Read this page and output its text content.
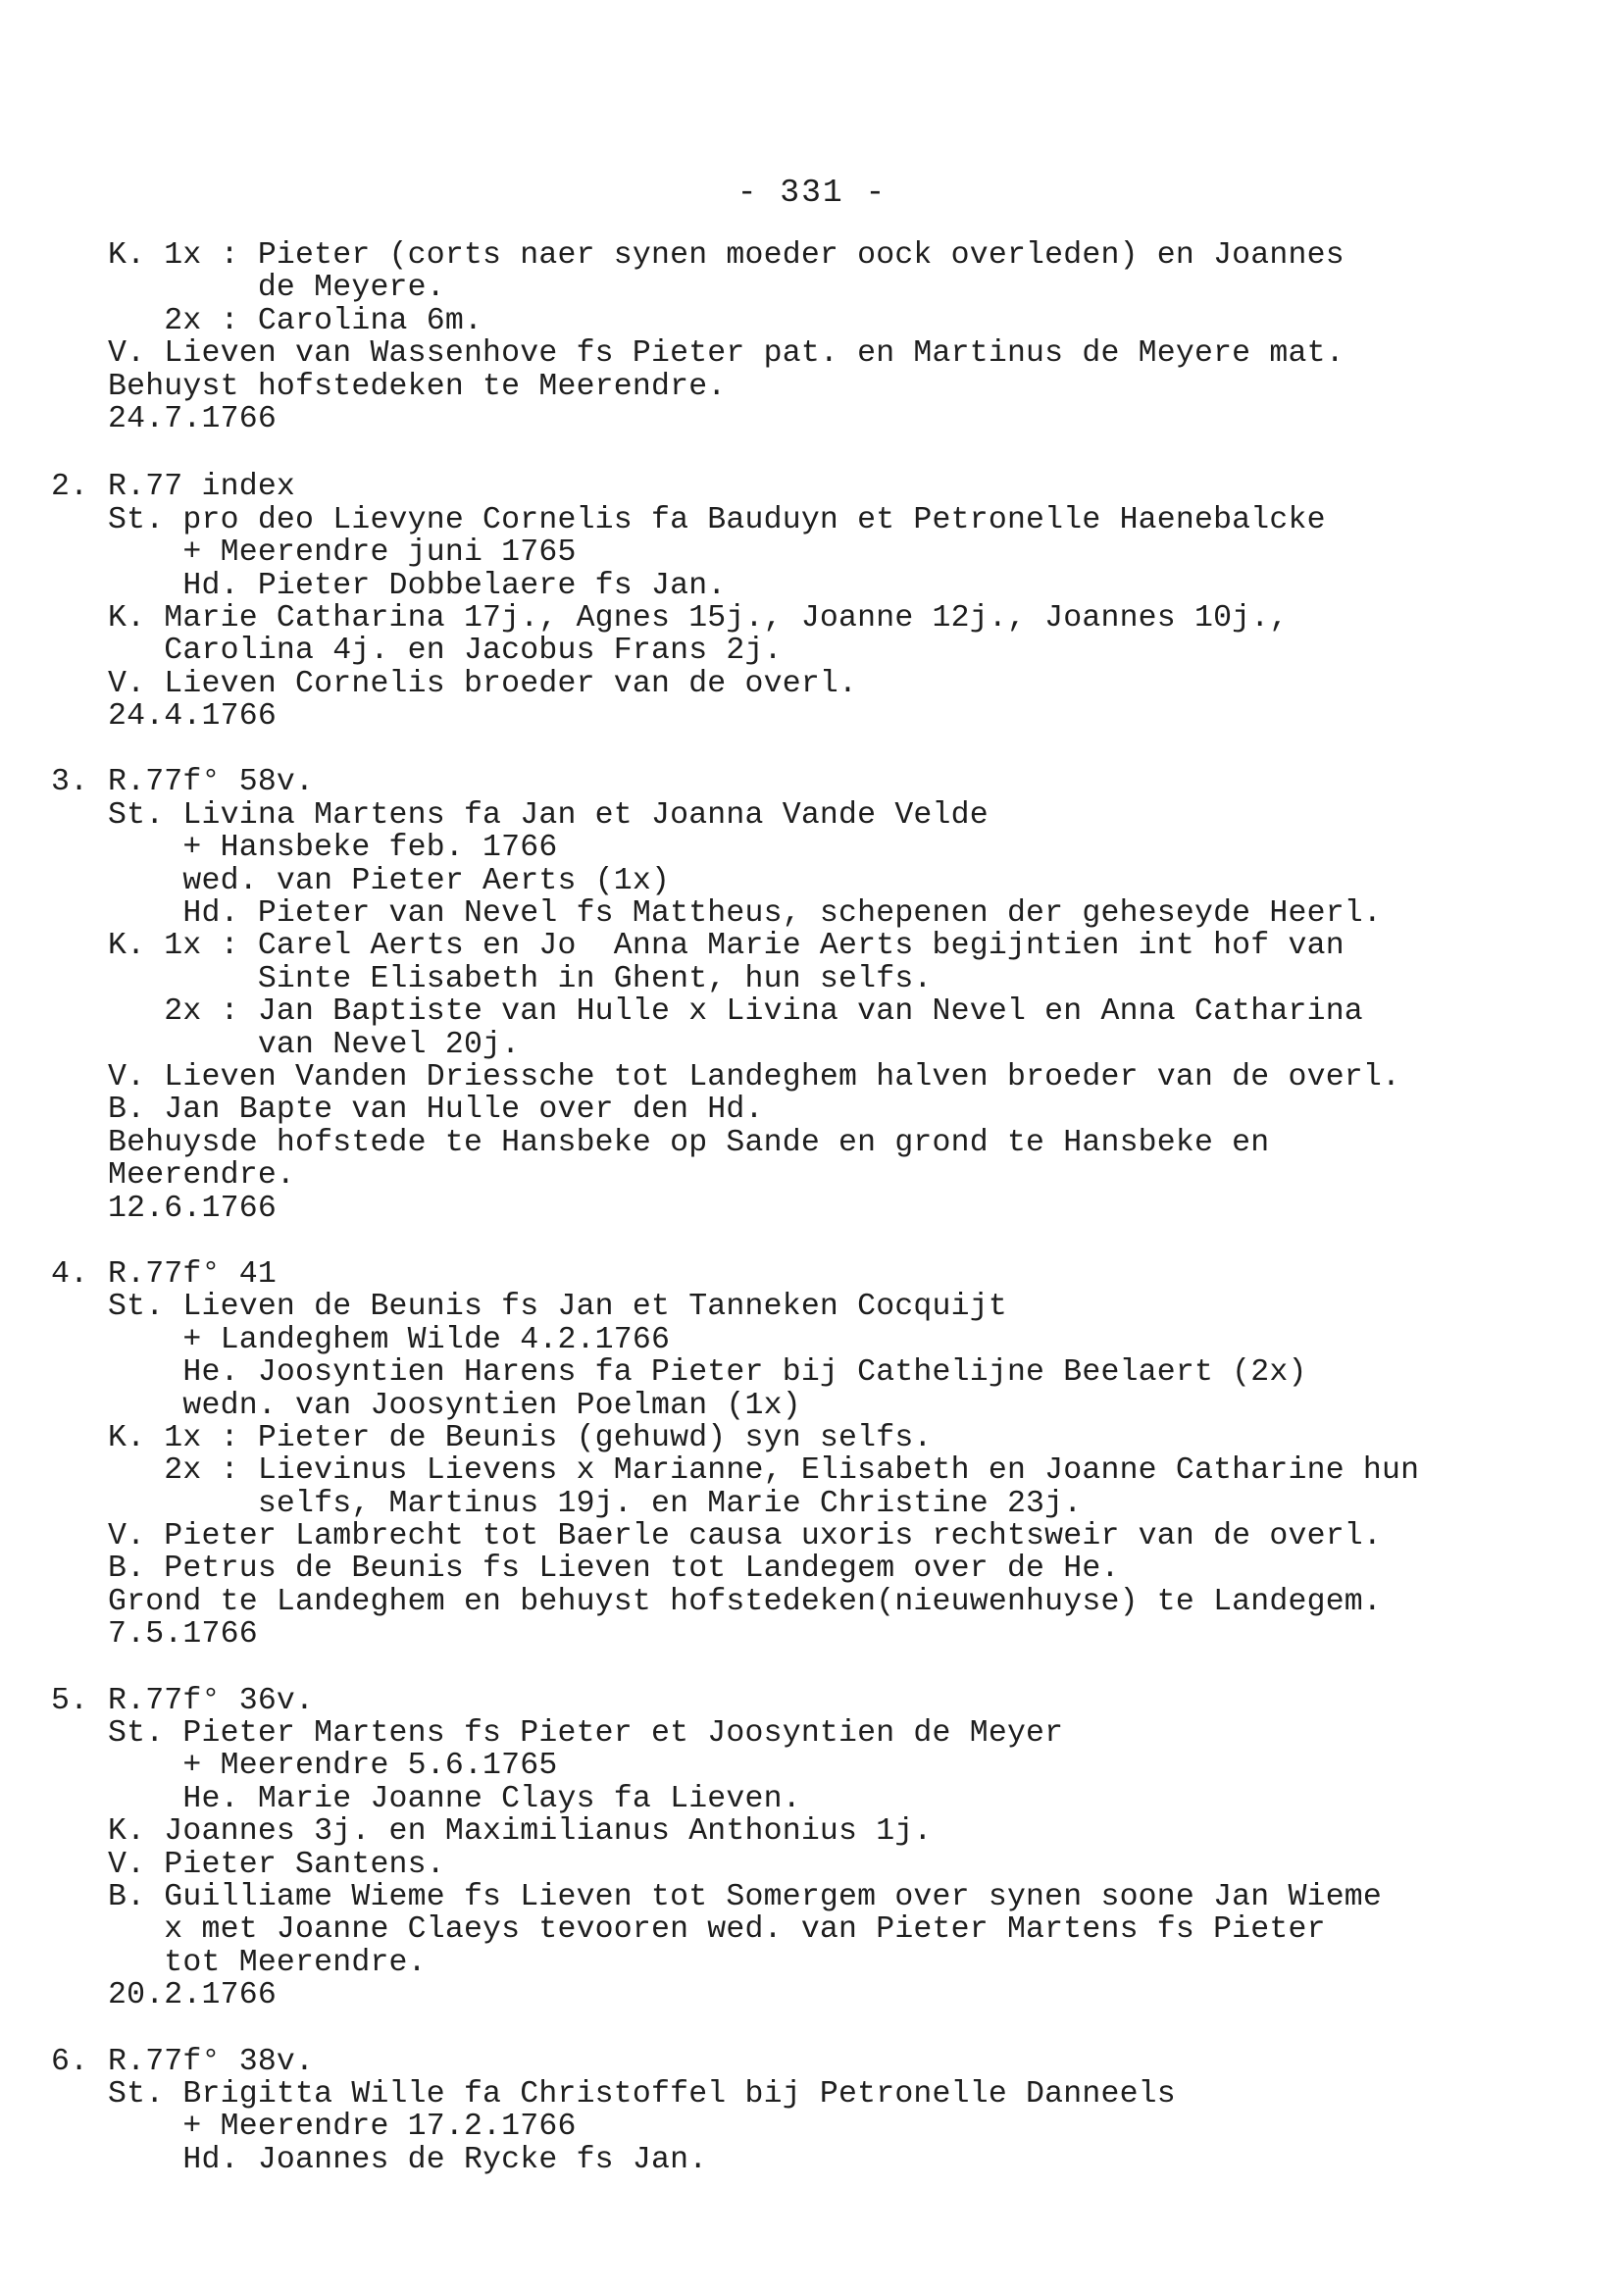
- 331 -
K. 1x : Pieter (corts naer synen moeder oock overleden) en Joannes
de Meyere.
2x : Carolina 6m.
V. Lieven van Wassenhove fs Pieter pat. en Martinus de Meyere mat.
Behuyst hofstedeken te Meerendre.
24.7.1766
2. R.77 index
St. pro deo Lievyne Cornelis fa Bauduyn et Petronelle Haenebalcke
+ Meerendre juni 1765
Hd. Pieter Dobbelaere fs Jan.
K. Marie Catharina 17j., Agnes 15j., Joanne 12j., Joannes 10j.,
Carolina 4j. en Jacobus Frans 2j.
V. Lieven Cornelis broeder van de overl.
24.4.1766
3. R.77f° 58v.
St. Livina Martens fa Jan et Joanna Vande Velde
+ Hansbeke feb. 1766
wed. van Pieter Aerts (1x)
Hd. Pieter van Nevel fs Mattheus, schepenen der geheseyde Heerl.
K. 1x : Carel Aerts en Jo  Anna Marie Aerts begijntien int hof van
Sinte Elisabeth in Ghent, hun selfs.
2x : Jan Baptiste van Hulle x Livina van Nevel en Anna Catharina
van Nevel 20j.
V. Lieven Vanden Driessche tot Landeghem halven broeder van de overl.
B. Jan Bapte van Hulle over den Hd.
Behuysde hofstede te Hansbeke op Sande en grond te Hansbeke en
Meerendre.
12.6.1766
4. R.77f° 41
St. Lieven de Beunis fs Jan et Tanneken Cocquijt
+ Landeghem Wilde 4.2.1766
He. Joosyntien Harens fa Pieter bij Cathelijne Beelaert (2x)
wedn. van Joosyntien Poelman (1x)
K. 1x : Pieter de Beunis (gehuwd) syn selfs.
2x : Lievinus Lievens x Marianne, Elisabeth en Joanne Catharine hun
selfs, Martinus 19j. en Marie Christine 23j.
V. Pieter Lambrecht tot Baerle causa uxoris rechtsweir van de overl.
B. Petrus de Beunis fs Lieven tot Landegem over de He.
Grond te Landeghem en behuyst hofstedeken(nieuwenhuyse) te Landegem.
7.5.1766
5. R.77f° 36v.
St. Pieter Martens fs Pieter et Joosyntien de Meyer
+ Meerendre 5.6.1765
He. Marie Joanne Clays fa Lieven.
K. Joannes 3j. en Maximilianus Anthonius 1j.
V. Pieter Santens.
B. Guilliame Wieme fs Lieven tot Somergem over synen soone Jan Wieme
x met Joanne Claeys tevooren wed. van Pieter Martens fs Pieter
tot Meerendre.
20.2.1766
6. R.77f° 38v.
St. Brigitta Wille fa Christoffel bij Petronelle Danneels
+ Meerendre 17.2.1766
Hd. Joannes de Rycke fs Jan.
